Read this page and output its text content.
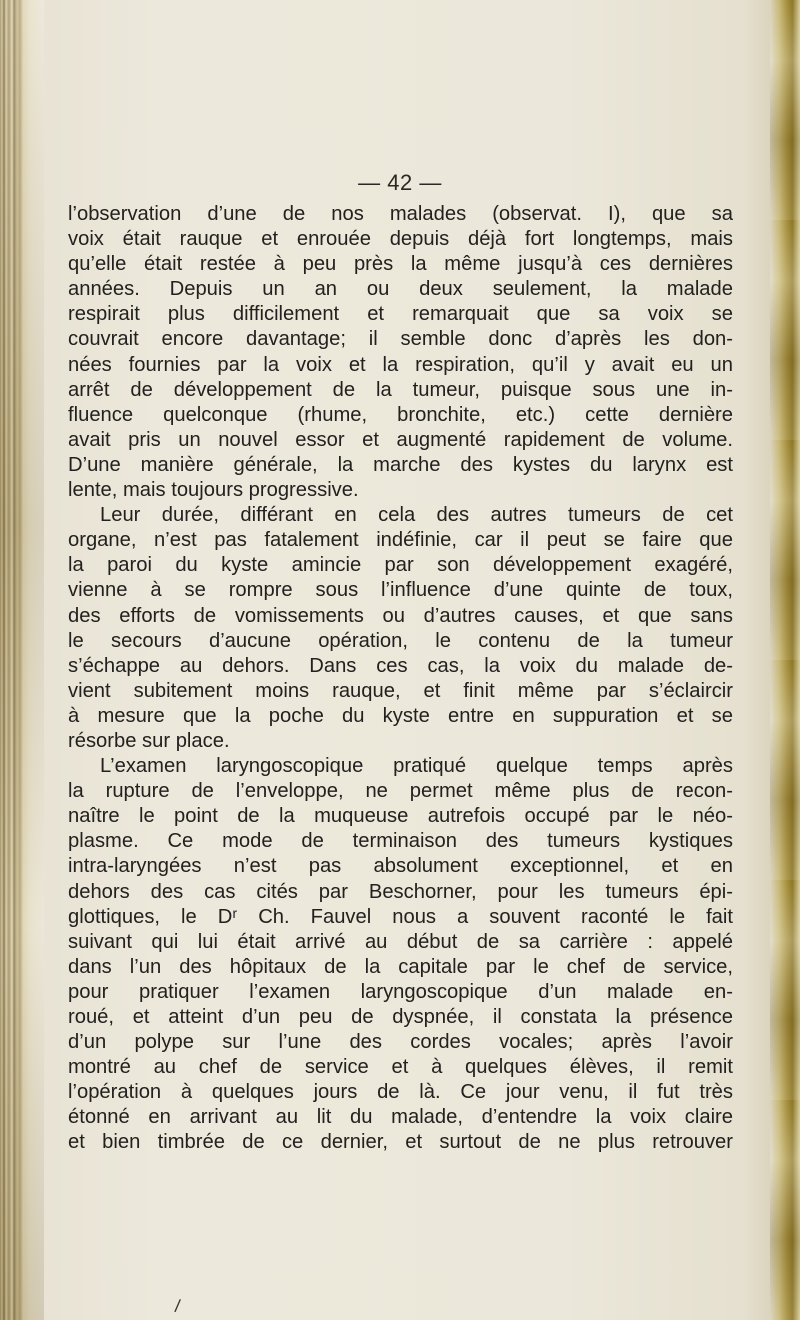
— 42 —
l’observation d’une de nos malades (observat. I), que sa
voix était rauque et enrouée depuis déjà fort longtemps, mais
qu’elle était restée à peu près la même jusqu’à ces dernières
années. Depuis un an ou deux seulement, la malade
respirait plus difficilement et remarquait que sa voix se
couvrait encore davantage; il semble donc d’après les don-
nées fournies par la voix et la respiration, qu’il y avait eu un
arrêt de développement de la tumeur, puisque sous une in-
fluence quelconque (rhume, bronchite, etc.) cette dernière
avait pris un nouvel essor et augmenté rapidement de volume.
D’une manière générale, la marche des kystes du larynx est
lente, mais toujours progressive.
Leur durée, différant en cela des autres tumeurs de cet
organe, n’est pas fatalement indéfinie, car il peut se faire que
la paroi du kyste amincie par son développement exagéré,
vienne à se rompre sous l’influence d’une quinte de toux,
des efforts de vomissements ou d’autres causes, et que sans
le secours d’aucune opération, le contenu de la tumeur
s’échappe au dehors. Dans ces cas, la voix du malade de-
vient subitement moins rauque, et finit même par s’éclaircir
à mesure que la poche du kyste entre en suppuration et se
résorbe sur place.
L’examen laryngoscopique pratiqué quelque temps après
la rupture de l’enveloppe, ne permet même plus de recon-
naître le point de la muqueuse autrefois occupé par le néo-
plasme. Ce mode de terminaison des tumeurs kystiques
intra-laryngées n’est pas absolument exceptionnel, et en
dehors des cas cités par Beschorner, pour les tumeurs épi-
glottiques, le Dʳ Ch. Fauvel nous a souvent raconté le fait
suivant qui lui était arrivé au début de sa carrière : appelé
dans l’un des hôpitaux de la capitale par le chef de service,
pour pratiquer l’examen laryngoscopique d’un malade en-
roué, et atteint d’un peu de dyspnée, il constata la présence
d’un polype sur l’une des cordes vocales; après l’avoir
montré au chef de service et à quelques élèves, il remit
l’opération à quelques jours de là. Ce jour venu, il fut très
étonné en arrivant au lit du malade, d’entendre la voix claire
et bien timbrée de ce dernier, et surtout de ne plus retrouver
/
